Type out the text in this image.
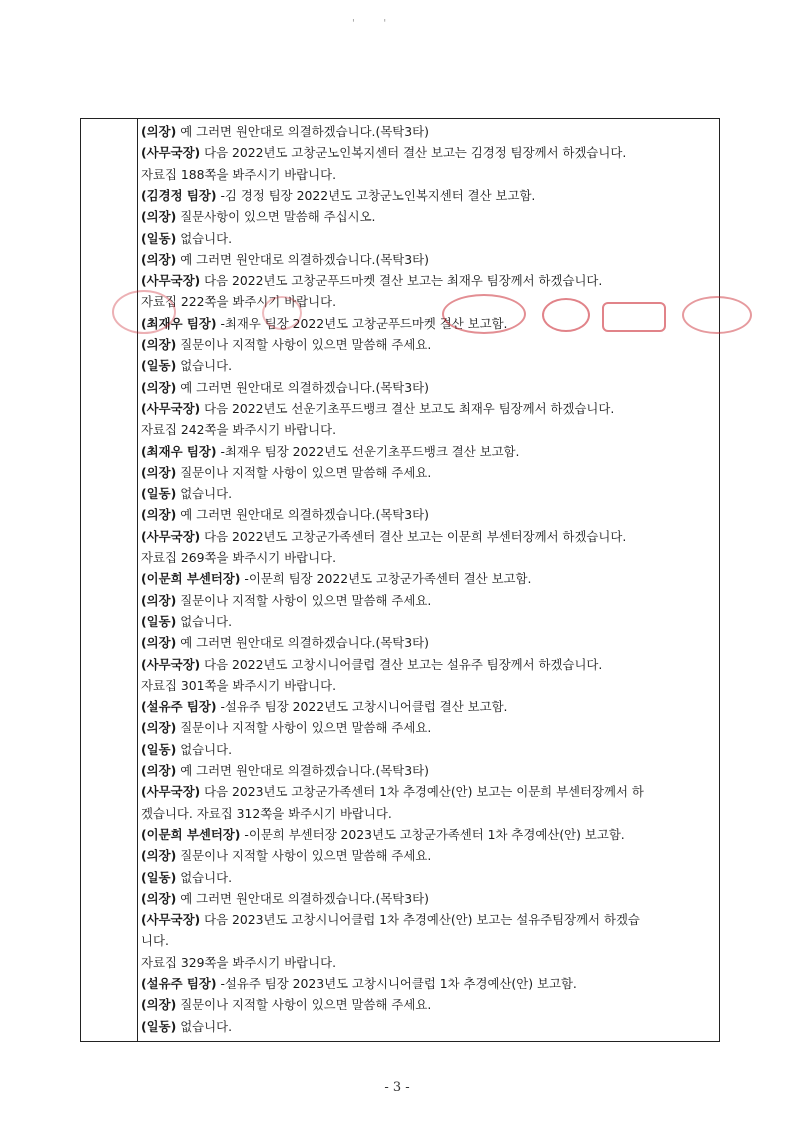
'         '
(의장) 예 그러면 원안대로 의결하겠습니다.(목탁3타)
(사무국장) 다음 2022년도 고창군노인복지센터 결산 보고는 김경정 팀장께서 하겠습니다.
자료집 188쪽을 봐주시기 바랍니다.
(김경정 팀장) -김 경정 팀장 2022년도 고창군노인복지센터 결산 보고함.
(의장) 질문사항이 있으면 말씀해 주십시오.
(일동) 없습니다.
(의장) 예 그러면 원안대로 의결하겠습니다.(목탁3타)
(사무국장) 다음 2022년도 고창군푸드마켓 결산 보고는 최재우 팀장께서 하겠습니다.
자료집 222쪽을 봐주시기 바랍니다.
(최재우 팀장) -최재우 팀장 2022년도 고창군푸드마켓 결산 보고함.
(의장) 질문이나 지적할 사항이 있으면 말씀해 주세요.
(일동) 없습니다.
(의장) 예 그러면 원안대로 의결하겠습니다.(목탁3타)
(사무국장) 다음 2022년도 선운기초푸드뱅크 결산 보고도 최재우 팀장께서 하겠습니다.
자료집 242쪽을 봐주시기 바랍니다.
(최재우 팀장) -최재우 팀장 2022년도 선운기초푸드뱅크 결산 보고함.
(의장) 질문이나 지적할 사항이 있으면 말씀해 주세요.
(일동) 없습니다.
(의장) 예 그러면 원안대로 의결하겠습니다.(목탁3타)
(사무국장) 다음 2022년도 고창군가족센터 결산 보고는 이문희 부센터장께서 하겠습니다.
자료집 269쪽을 봐주시기 바랍니다.
(이문희 부센터장) -이문희 팀장 2022년도 고창군가족센터 결산 보고함.
(의장) 질문이나 지적할 사항이 있으면 말씀해 주세요.
(일동) 없습니다.
(의장) 예 그러면 원안대로 의결하겠습니다.(목탁3타)
(사무국장) 다음 2022년도 고창시니어클럽 결산 보고는 설유주 팀장께서 하겠습니다.
자료집 301쪽을 봐주시기 바랍니다.
(설유주 팀장) -설유주 팀장 2022년도 고창시니어클럽 결산 보고함.
(의장) 질문이나 지적할 사항이 있으면 말씀해 주세요.
(일동) 없습니다.
(의장) 예 그러면 원안대로 의결하겠습니다.(목탁3타)
(사무국장) 다음 2023년도 고창군가족센터 1차 추경예산(안) 보고는 이문희 부센터장께서 하
겠습니다. 자료집 312쪽을 봐주시기 바랍니다.
(이문희 부센터장) -이문희 부센터장 2023년도 고창군가족센터 1차 추경예산(안) 보고함.
(의장) 질문이나 지적할 사항이 있으면 말씀해 주세요.
(일동) 없습니다.
(의장) 예 그러면 원안대로 의결하겠습니다.(목탁3타)
(사무국장) 다음 2023년도 고창시니어클럽 1차 추경예산(안) 보고는 설유주팀장께서 하겠습
니다.
자료집 329쪽을 봐주시기 바랍니다.
(설유주 팀장) -설유주 팀장 2023년도 고창시니어클럽 1차 추경예산(안) 보고함.
(의장) 질문이나 지적할 사항이 있으면 말씀해 주세요.
(일동) 없습니다.
- 3 -
